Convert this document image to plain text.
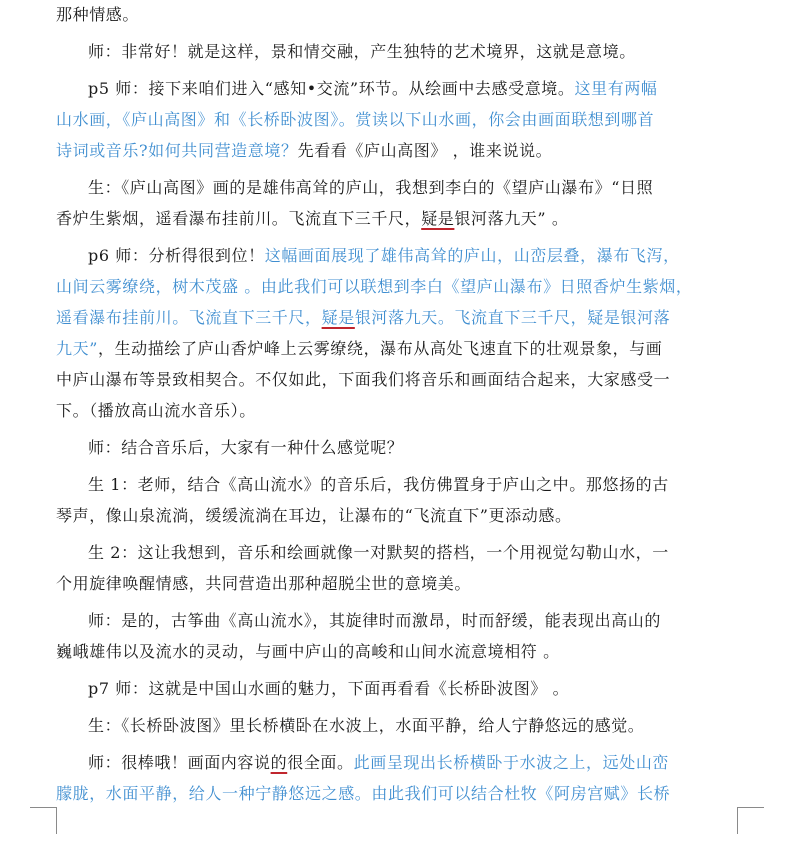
那种情感。
师：非常好！就是这样，景和情交融，产生独特的艺术境界，这就是意境。
p5 师：接下来咱们进入“感知•交流”环节。从绘画中去感受意境。这里有两幅
山水画，《庐山高图》和《长桥卧波图》。赏读以下山水画，你会由画面联想到哪首
诗词或音乐?如何共同营造意境？先看看《庐山高图》 ，谁来说说。
生：《庐山高图》画的是雄伟高耸的庐山，我想到李白的《望庐山瀑布》“日照
香炉生紫烟，遥看瀑布挂前川。飞流直下三千尺，疑是银河落九天” 。
p6 师：分析得很到位！这幅画面展现了雄伟高耸的庐山，山峦层叠，瀑布飞泻，
山间云雾缭绕，树木茂盛 。由此我们可以联想到李白《望庐山瀑布》日照香炉生紫烟，
遥看瀑布挂前川。飞流直下三千尺，疑是银河落九天。飞流直下三千尺，疑是银河落
九天”，生动描绘了庐山香炉峰上云雾缭绕，瀑布从高处飞速直下的壮观景象，与画
中庐山瀑布等景致相契合。不仅如此，下面我们将音乐和画面结合起来，大家感受一
下。（播放高山流水音乐）。
师：结合音乐后，大家有一种什么感觉呢？
生 1：老师，结合《高山流水》的音乐后，我仿佛置身于庐山之中。那悠扬的古
琴声，像山泉流淌，缓缓流淌在耳边，让瀑布的“飞流直下”更添动感。
生 2：这让我想到，音乐和绘画就像一对默契的搭档，一个用视觉勾勒山水，一
个用旋律唤醒情感，共同营造出那种超脱尘世的意境美。
师：是的，古筝曲《高山流水》，其旋律时而激昂，时而舒缓，能表现出高山的
巍峨雄伟以及流水的灵动，与画中庐山的高峻和山间水流意境相符 。
p7 师：这就是中国山水画的魅力，下面再看看《长桥卧波图》 。
生：《长桥卧波图》里长桥横卧在水波上，水面平静，给人宁静悠远的感觉。
师：很棒哦！画面内容说的很全面。此画呈现出长桥横卧于水波之上，远处山峦
朦胧，水面平静，给人一种宁静悠远之感。由此我们可以结合杜牧《阿房宫赋》长桥
